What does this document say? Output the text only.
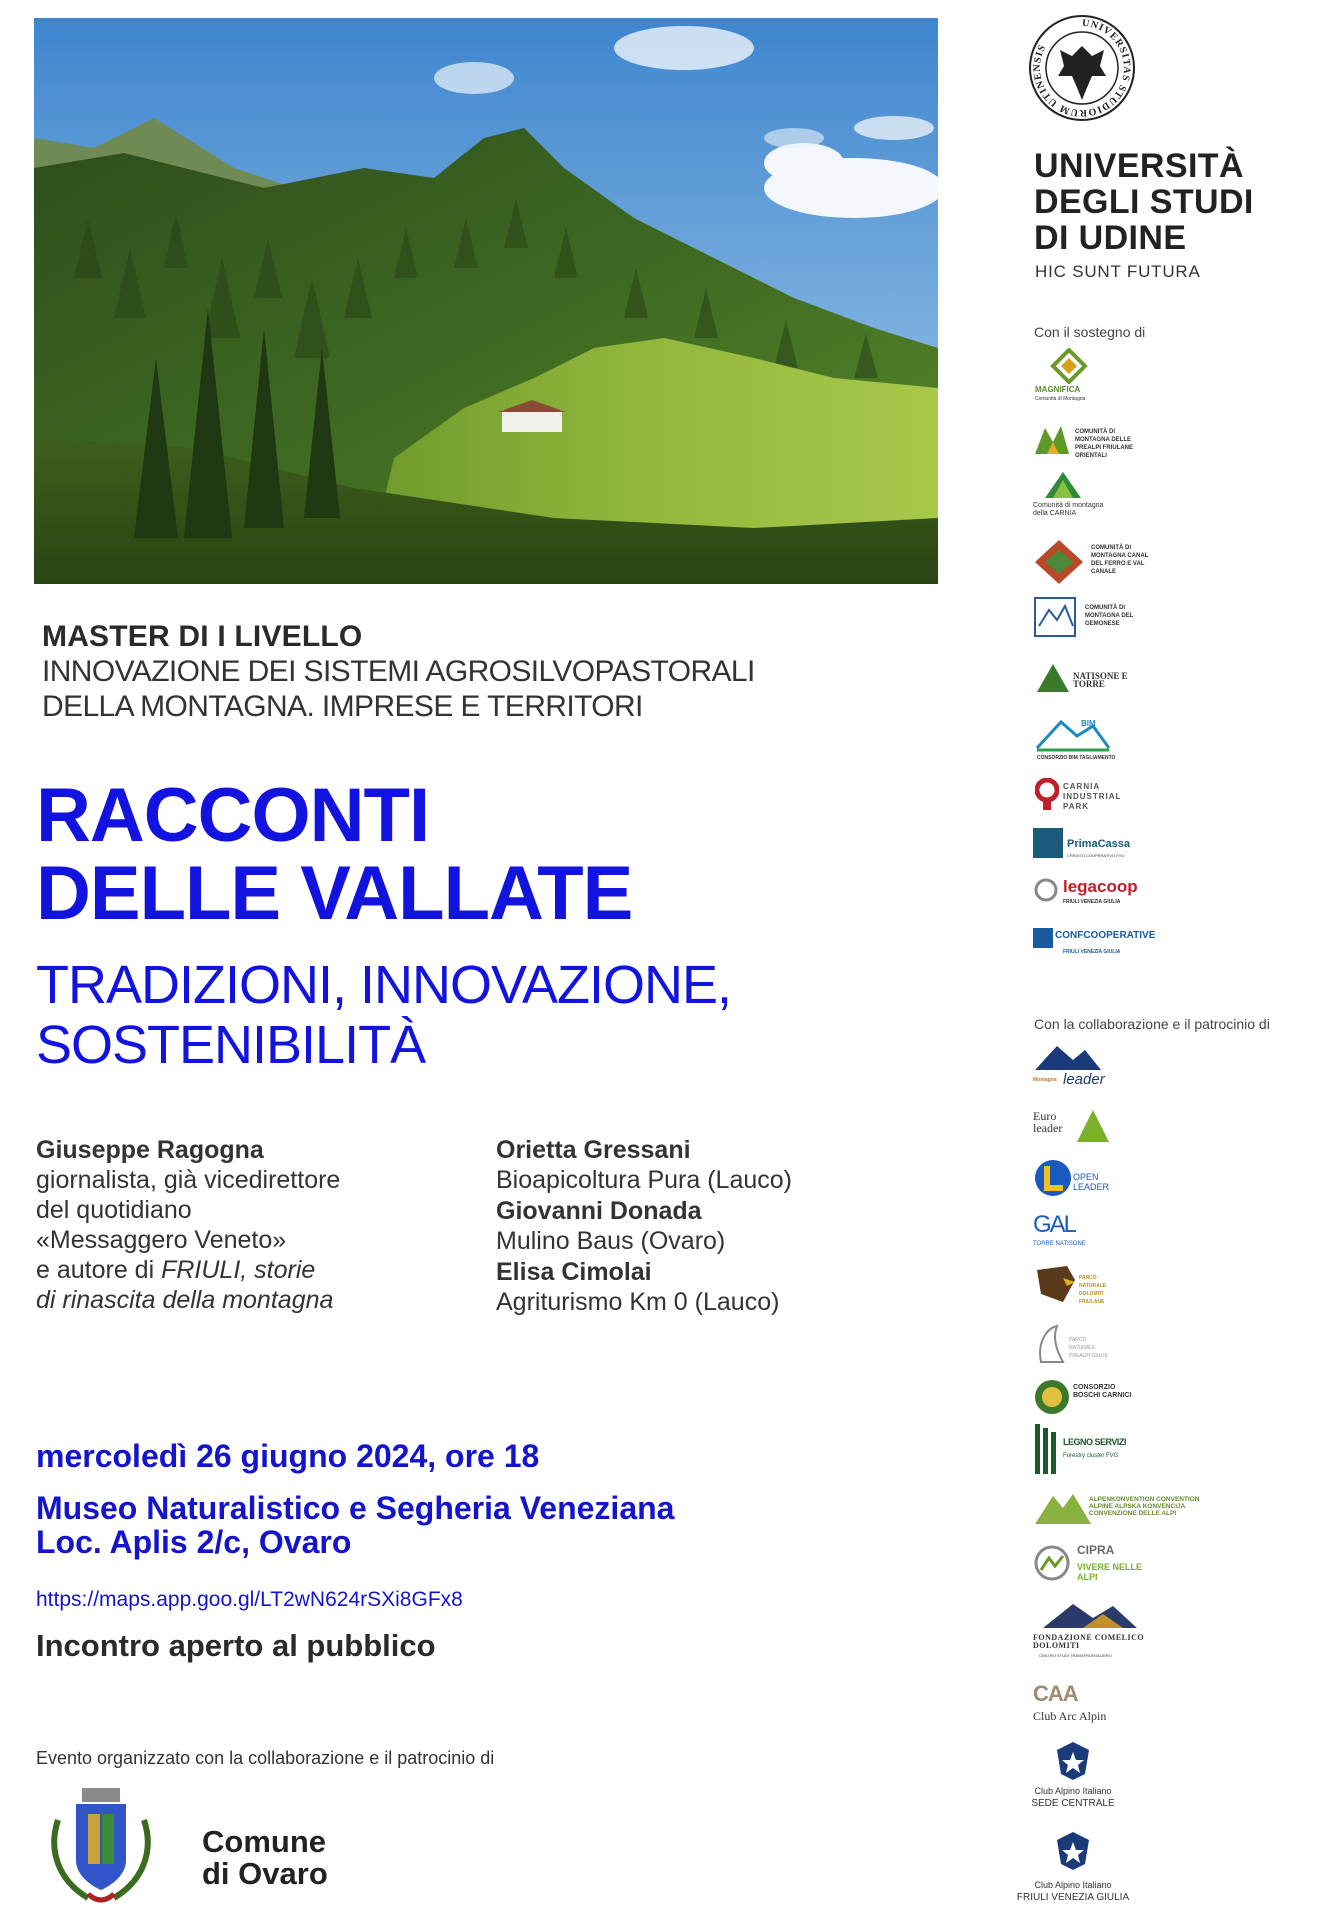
MASTER DI I LIVELLO
INNOVAZIONE DEI SISTEMI AGROSILVOPASTORALI
DELLA MONTAGNA. IMPRESE E TERRITORI
RACCONTI
DELLE VALLATE
TRADIZIONI, INNOVAZIONE,
SOSTENIBILITÀ
Giuseppe Ragogna
giornalista, già vicedirettore
del quotidiano
«Messaggero Veneto»
e autore di FRIULI, storie
di rinascita della montagna
Orietta Gressani
Bioapicoltura Pura (Lauco)
Giovanni Donada
Mulino Baus (Ovaro)
Elisa Cimolai
Agriturismo Km 0 (Lauco)
mercoledì 26 giugno 2024, ore 18
Museo Naturalistico e Segheria Veneziana
Loc. Aplis 2/c, Ovaro
https://maps.app.goo.gl/LT2wN624rSXi8GFx8
Incontro aperto al pubblico
Evento organizzato con la collaborazione e il patrocinio di
Comune
di Ovaro
UNIVERSITAS STUDIORUM UTINENSIS
UNIVERSITÀ
DEGLI STUDI
DI UDINE
HIC SUNT FUTURA
Con il sostegno di
MAGNIFICA
Comunità di Montagna
COMUNITÀ DI MONTAGNA DELLE PREALPI FRIULANE ORIENTALI
Comunità di montagna della CARNIA
COMUNITÀ DI MONTAGNA CANAL DEL FERRO E VAL CANALE
COMUNITÀ DI MONTAGNA DEL GEMONESE
NATISONE E TORRE
BIM
CONSORZIO BIM TAGLIAMENTO
CARNIA INDUSTRIAL PARK
PrimaCassa
CREDITO COOPERATIVO FVG
legacoop
FRIULI VENEZIA GIULIA
CONFCOOPERATIVE
FRIULI VENEZIA GIULIA
Con la collaborazione e il patrocinio di
Montagna leader
Euro leader
OPEN LEADER
GAL
TORRE NATISONE
PARCO NATURALE DOLOMITI FRIULANE
PARCO NATURALE PREALPI GIULIE
CONSORZIO BOSCHI CARNICI
LEGNO SERVIZI
Forestry cluster FVG
ALPENKONVENTION CONVENTION ALPINE ALPSKA KONVENCIJA CONVENZIONE DELLE ALPI
CIPRA
VIVERE NELLE ALPI
FONDAZIONE COMELICO DOLOMITI
CENTRO STUDI TRANSFRONTALIERO
CAA
Club Arc Alpin
Club Alpino Italiano
SEDE CENTRALE
Club Alpino Italiano
FRIULI VENEZIA GIULIA
